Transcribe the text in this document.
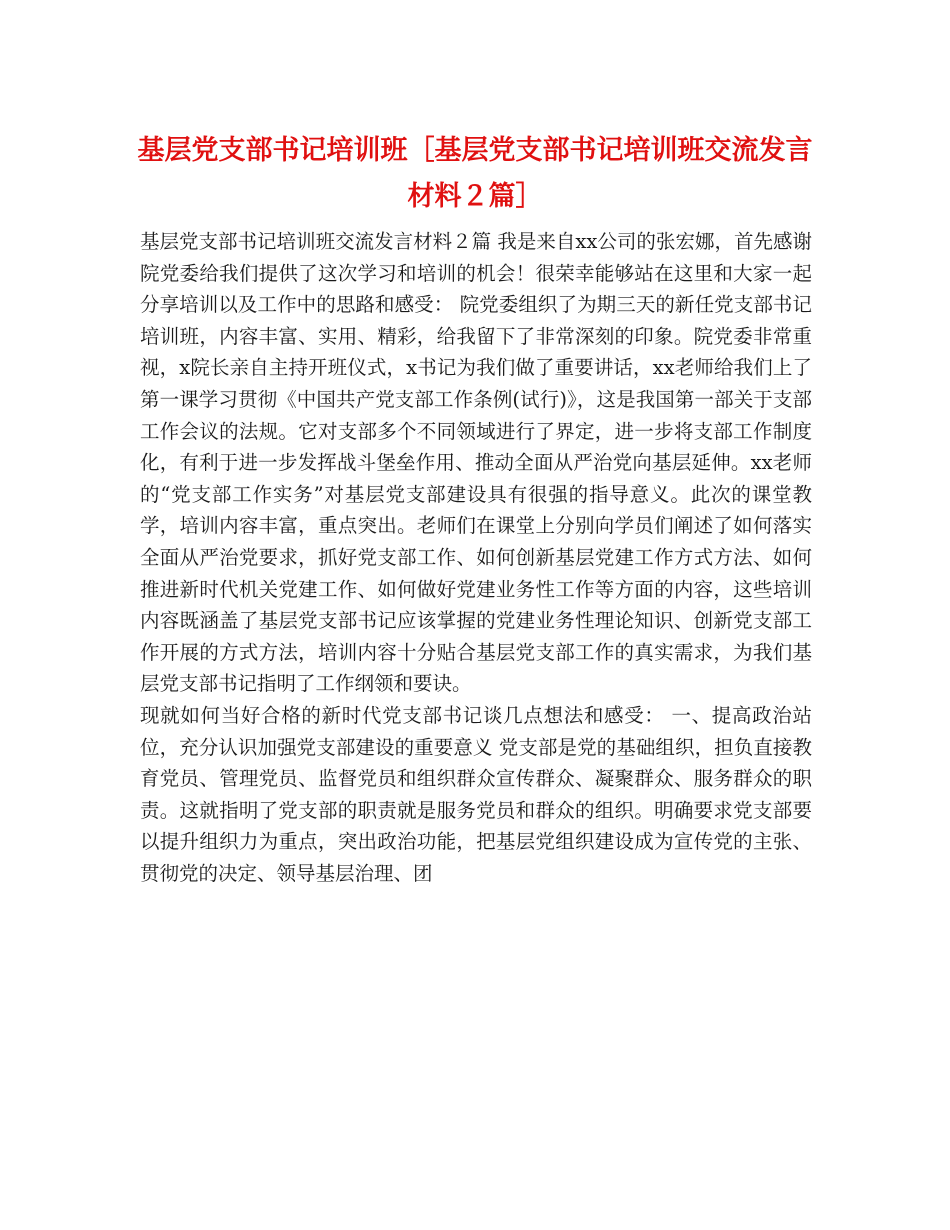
基层党支部书记培训班［基层党支部书记培训班交流发言材料２篇］

基层党支部书记培训班交流发言材料２篇 我是来自xx公司的张宏娜，首先感谢院党委给我们提供了这次学习和培训的机会！很荣幸能够站在这里和大家一起分享培训以及工作中的思路和感受： 院党委组织了为期三天的新任党支部书记培训班，内容丰富、实用、精彩，给我留下了非常深刻的印象。院党委非常重视，x院长亲自主持开班仪式，x书记为我们做了重要讲话，xx老师给我们上了第一课学习贯彻《中国共产党支部工作条例(试行)》，这是我国第一部关于支部工作会议的法规。它对支部多个不同领域进行了界定，进一步将支部工作制度化，有利于进一步发挥战斗堡垒作用、推动全面从严治党向基层延伸。xx老师的“党支部工作实务”对基层党支部建设具有很强的指导意义。此次的课堂教学，培训内容丰富，重点突出。老师们在课堂上分别向学员们阐述了如何落实全面从严治党要求，抓好党支部工作、如何创新基层党建工作方式方法、如何推进新时代机关党建工作、如何做好党建业务性工作等方面的内容，这些培训内容既涵盖了基层党支部书记应该掌握的党建业务性理论知识、创新党支部工作开展的方式方法，培训内容十分贴合基层党支部工作的真实需求，为我们基层党支部书记指明了工作纲领和要诀。

现就如何当好合格的新时代党支部书记谈几点想法和感受： 一、提高政治站位，充分认识加强党支部建设的重要意义 党支部是党的基础组织，担负直接教育党员、管理党员、监督党员和组织群众宣传群众、凝聚群众、服务群众的职责。这就指明了党支部的职责就是服务党员和群众的组织。明确要求党支部要以提升组织力为重点，突出政治功能，把基层党组织建设成为宣传党的主张、贯彻党的决定、领导基层治理、团
